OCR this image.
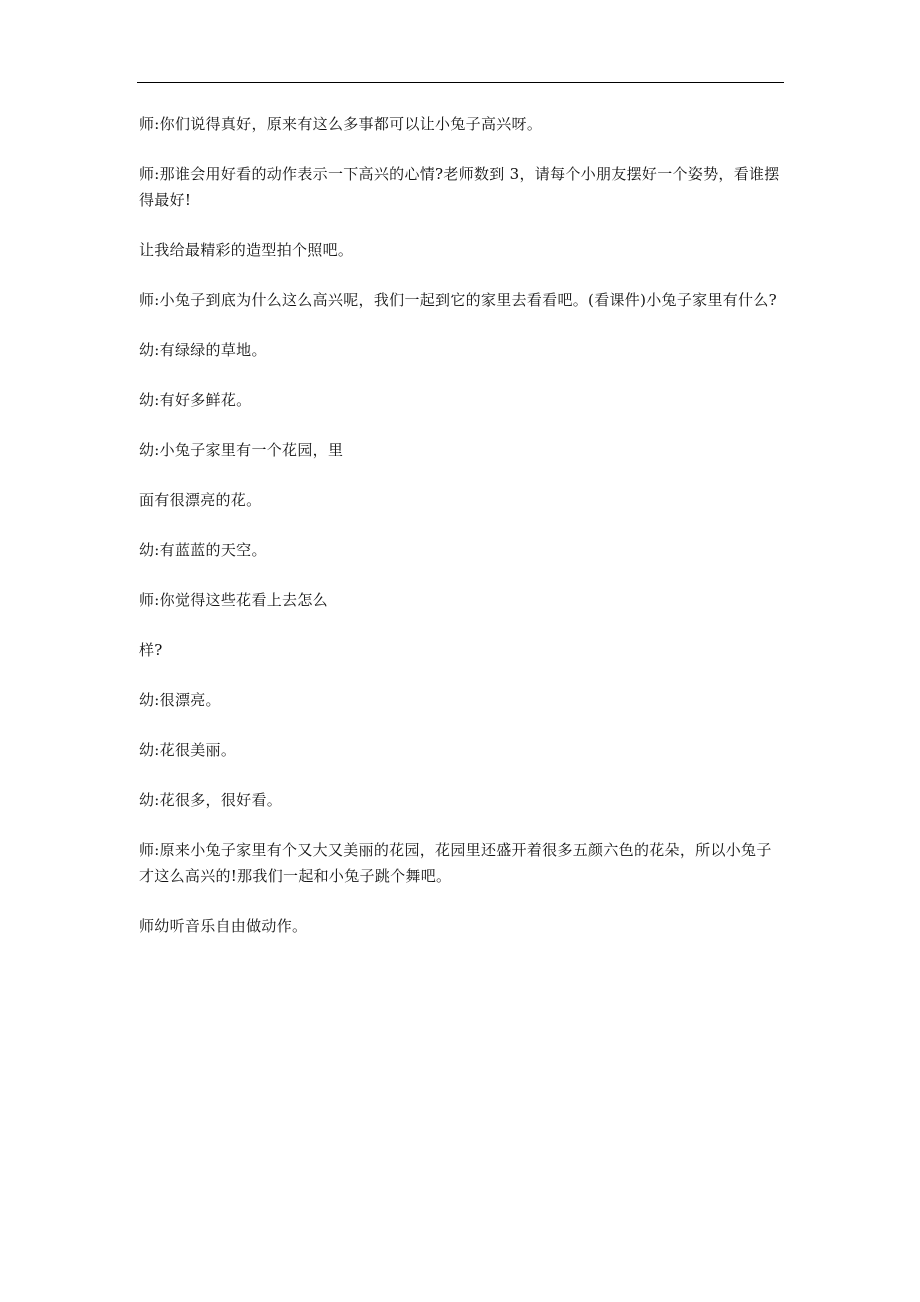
师:你们说得真好，原来有这么多事都可以让小兔子高兴呀。

师:那谁会用好看的动作表示一下高兴的心情?老师数到 3，请每个小朋友摆好一个姿势，看谁摆得最好!

让我给最精彩的造型拍个照吧。

师:小兔子到底为什么这么高兴呢，我们一起到它的家里去看看吧。(看课件)小兔子家里有什么?

幼:有绿绿的草地。

幼:有好多鲜花。

幼:小兔子家里有一个花园，里

面有很漂亮的花。

幼:有蓝蓝的天空。

师:你觉得这些花看上去怎么

样?

幼:很漂亮。

幼:花很美丽。

幼:花很多，很好看。

师:原来小兔子家里有个又大又美丽的花园，花园里还盛开着很多五颜六色的花朵，所以小兔子才这么高兴的!那我们一起和小兔子跳个舞吧。

师幼听音乐自由做动作。
